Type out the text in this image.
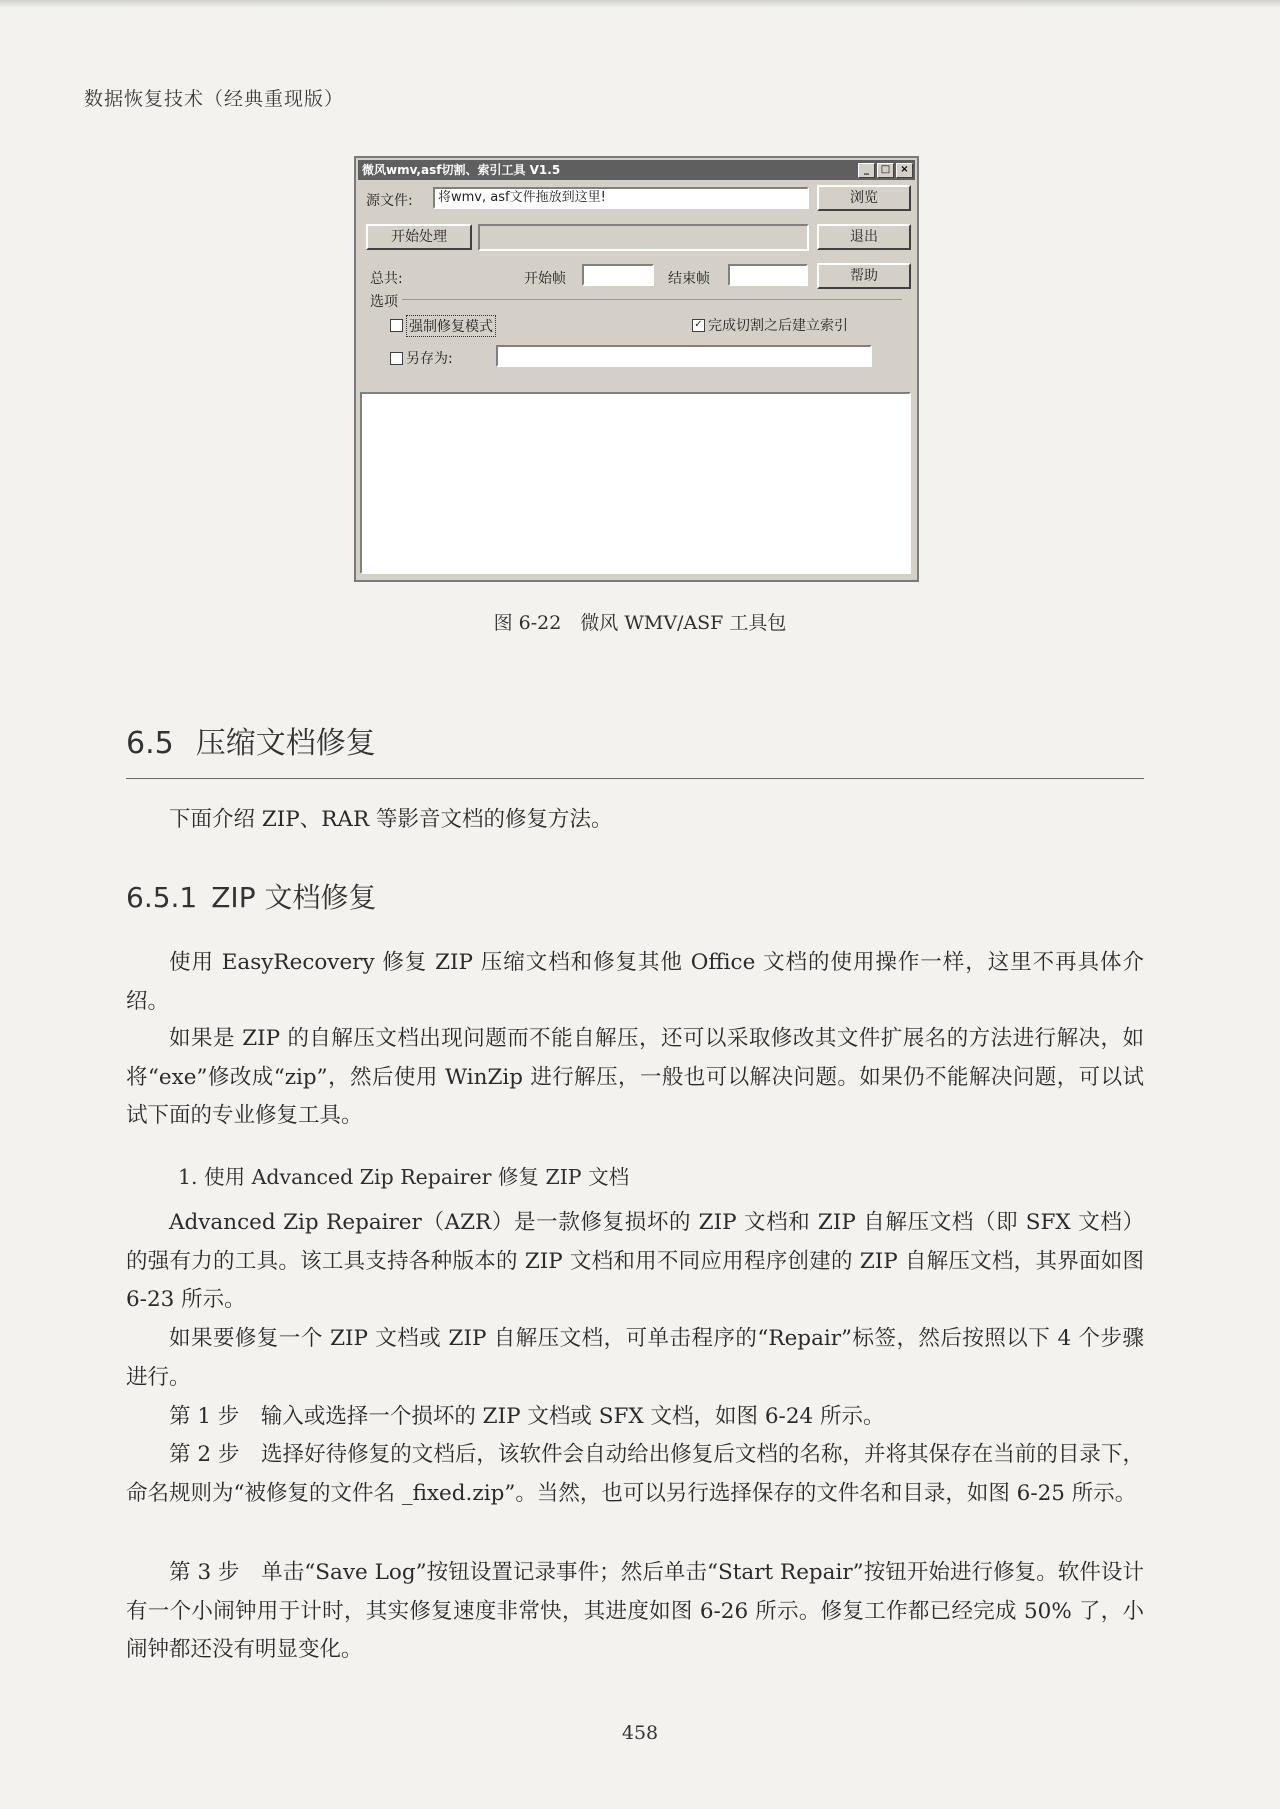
数据恢复技术（经典重现版）
微风wmv,asf切割、索引工具 V1.5	_	□	×
源文件:	将wmv, asf文件拖放到这里!	浏览
开始处理	退出
总共:	开始帧	结束帧	帮助
选项
强制修复模式	✓ 完成切割之后建立索引
另存为:
图 6-22　微风 WMV/ASF 工具包
6.5 压缩文档修复
下面介绍 ZIP、RAR 等影音文档的修复方法。
6.5.1 ZIP 文档修复
使用 EasyRecovery 修复 ZIP 压缩文档和修复其他 Office 文档的使用操作一样，这里不再具体介绍。
如果是 ZIP 的自解压文档出现问题而不能自解压，还可以采取修改其文件扩展名的方法进行解决，如将“exe”修改成“zip”，然后使用 WinZip 进行解压，一般也可以解决问题。如果仍不能解决问题，可以试试下面的专业修复工具。
1. 使用 Advanced Zip Repairer 修复 ZIP 文档
Advanced Zip Repairer（AZR）是一款修复损坏的 ZIP 文档和 ZIP 自解压文档（即 SFX 文档）的强有力的工具。该工具支持各种版本的 ZIP 文档和用不同应用程序创建的 ZIP 自解压文档，其界面如图 6-23 所示。
如果要修复一个 ZIP 文档或 ZIP 自解压文档，可单击程序的“Repair”标签，然后按照以下 4 个步骤进行。
第 1 步　输入或选择一个损坏的 ZIP 文档或 SFX 文档，如图 6-24 所示。
第 2 步　选择好待修复的文档后，该软件会自动给出修复后文档的名称，并将其保存在当前的目录下，命名规则为“被修复的文件名 _fixed.zip”。当然，也可以另行选择保存的文件名和目录，如图 6-25 所示。
第 3 步　单击“Save Log”按钮设置记录事件；然后单击“Start Repair”按钮开始进行修复。软件设计有一个小闹钟用于计时，其实修复速度非常快，其进度如图 6-26 所示。修复工作都已经完成 50% 了，小闹钟都还没有明显变化。
458
